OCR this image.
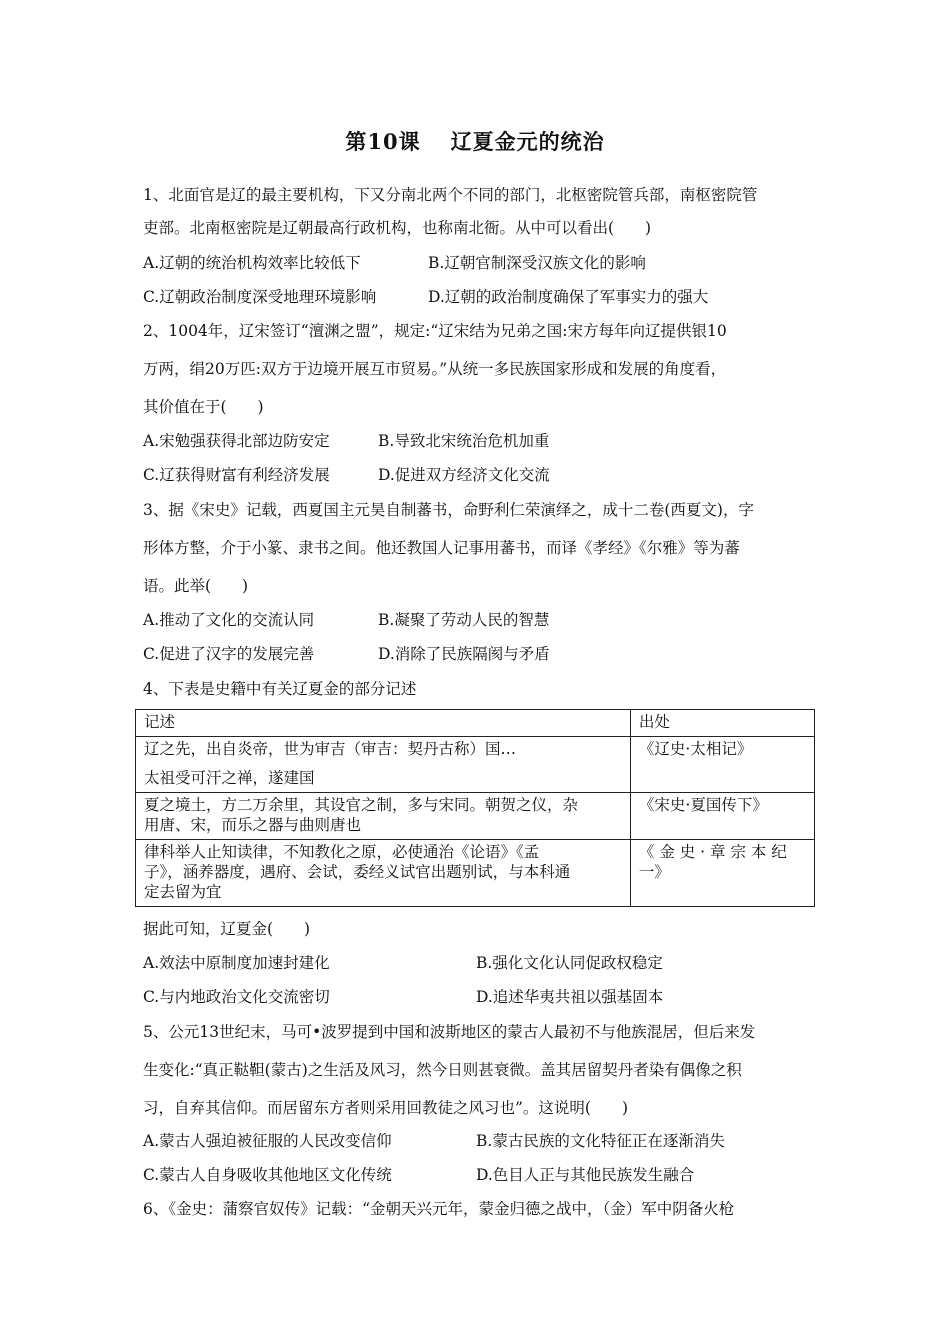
第10课 辽夏金元的统治
1、北面官是辽的最主要机构，下又分南北两个不同的部门，北枢密院管兵部，南枢密院管
吏部。北南枢密院是辽朝最高行政机构，也称南北衙。从中可以看出(　　)
A.辽朝的统治机构效率比较低下	B.辽朝官制深受汉族文化的影响
C.辽朝政治制度深受地理环境影响	D.辽朝的政治制度确保了军事实力的强大
2、1004年，辽宋签订“澶渊之盟”，规定:“辽宋结为兄弟之国:宋方每年向辽提供银10
万两，绢20万匹:双方于边境开展互市贸易。”从统一多民族国家形成和发展的角度看，
其价值在于(　　)
A.宋勉强获得北部边防安定	B.导致北宋统治危机加重
C.辽获得财富有利经济发展	D.促进双方经济文化交流
3、据《宋史》记载，西夏国主元昊自制蕃书，命野利仁荣演绎之，成十二卷(西夏文)，字
形体方整，介于小篆、隶书之间。他还教国人记事用蕃书，而译《孝经》《尔雅》等为蕃
语。此举(　　)
A.推动了文化的交流认同	B.凝聚了劳动人民的智慧
C.促进了汉字的发展完善	D.消除了民族隔阂与矛盾
4、下表是史籍中有关辽夏金的部分记述
记述	出处

辽之先，出自炎帝，世为审吉（审吉：契丹古称）国…
太祖受可汗之禅，遂建国	《辽史·太相记》

夏之境土，方二万余里，其设官之制，多与宋同。朝贺之仪，杂
用唐、宋，而乐之器与曲则唐也	《宋史·夏国传下》

律科举人止知读律，不知教化之原，必使通治《论语》《孟
子》，涵养器度，遇府、会试，委经义试官出题别试，与本科通
定去留为宜	《 金 史 · 章 宗 本 纪
一》
据此可知，辽夏金(　　)
A.效法中原制度加速封建化	B.强化文化认同促政权稳定
C.与内地政治文化交流密切	D.追述华夷共祖以强基固本
5、公元13世纪末，马可•波罗提到中国和波斯地区的蒙古人最初不与他族混居，但后来发
生变化:“真正鞑靼(蒙古)之生活及风习，然今日则甚衰微。盖其居留契丹者染有偶像之积
习，自弃其信仰。而居留东方者则采用回教徒之风习也”。这说明(　　)
A.蒙古人强迫被征服的人民改变信仰	B.蒙古民族的文化特征正在逐渐消失
C.蒙古人自身吸收其他地区文化传统	D.色目人正与其他民族发生融合
6、《金史：蒲察官奴传》记载：“金朝天兴元年，蒙金归德之战中，（金）军中阴备火枪
